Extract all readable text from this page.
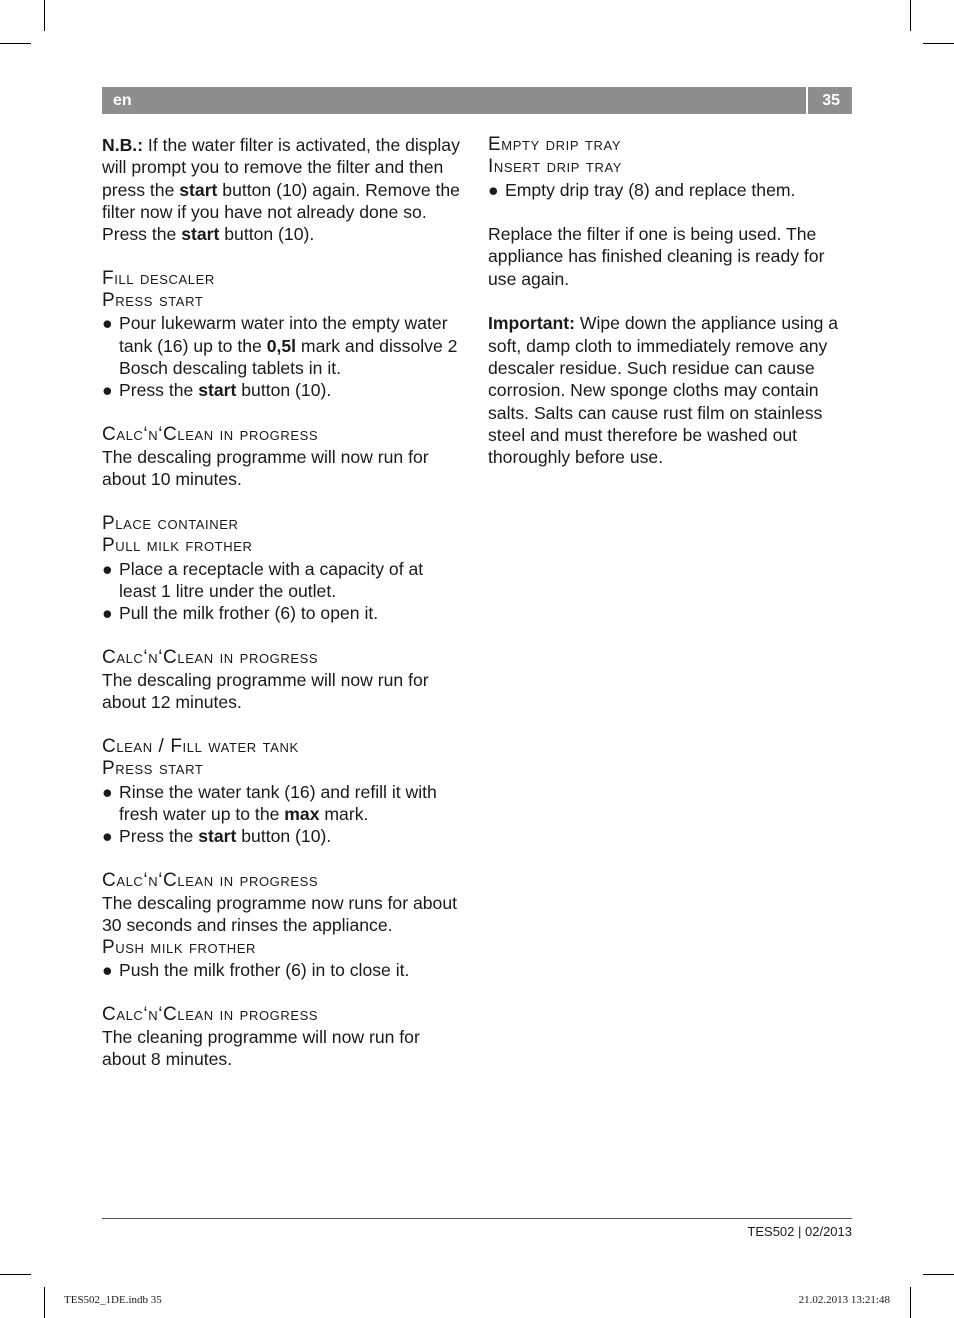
en	35

N.B.: If the water filter is activated, the display will prompt you to remove the filter and then press the start button (10) again. Remove the filter now if you have not already done so.

Press the start button (10).

Fill descaler

Press start

● Pour lukewarm water into the empty water tank (16) up to the 0,5l mark and dissolve 2 Bosch descaling tablets in it.
● Press the start button (10).

Calc‘n‘Clean in progress

The descaling programme will now run for about 10 minutes.

Place container

Pull milk frother

● Place a receptacle with a capacity of at least 1 litre under the outlet.
● Pull the milk frother (6) to open it.

Calc‘n‘Clean in progress

The descaling programme will now run for about 12 minutes.

Clean / Fill water tank

Press start

● Rinse the water tank (16) and refill it with fresh water up to the max mark.
● Press the start button (10).

Calc‘n‘Clean in progress

The descaling programme now runs for about 30 seconds and rinses the appliance.

Push milk frother

● Push the milk frother (6) in to close it.

Calc‘n‘Clean in progress

The cleaning programme will now run for about 8 minutes.

Empty drip tray

Insert drip tray

● Empty drip tray (8) and replace them.

Replace the filter if one is being used. The appliance has finished cleaning is ready for use again.

Important: Wipe down the appliance using a soft, damp cloth to immediately remove any descaler residue. Such residue can cause corrosion. New sponge cloths may contain salts. Salts can cause rust film on stainless steel and must therefore be washed out thoroughly before use.

TES502 | 02/2013
TES502_1DE.indb 35	21.02.2013 13:21:48
